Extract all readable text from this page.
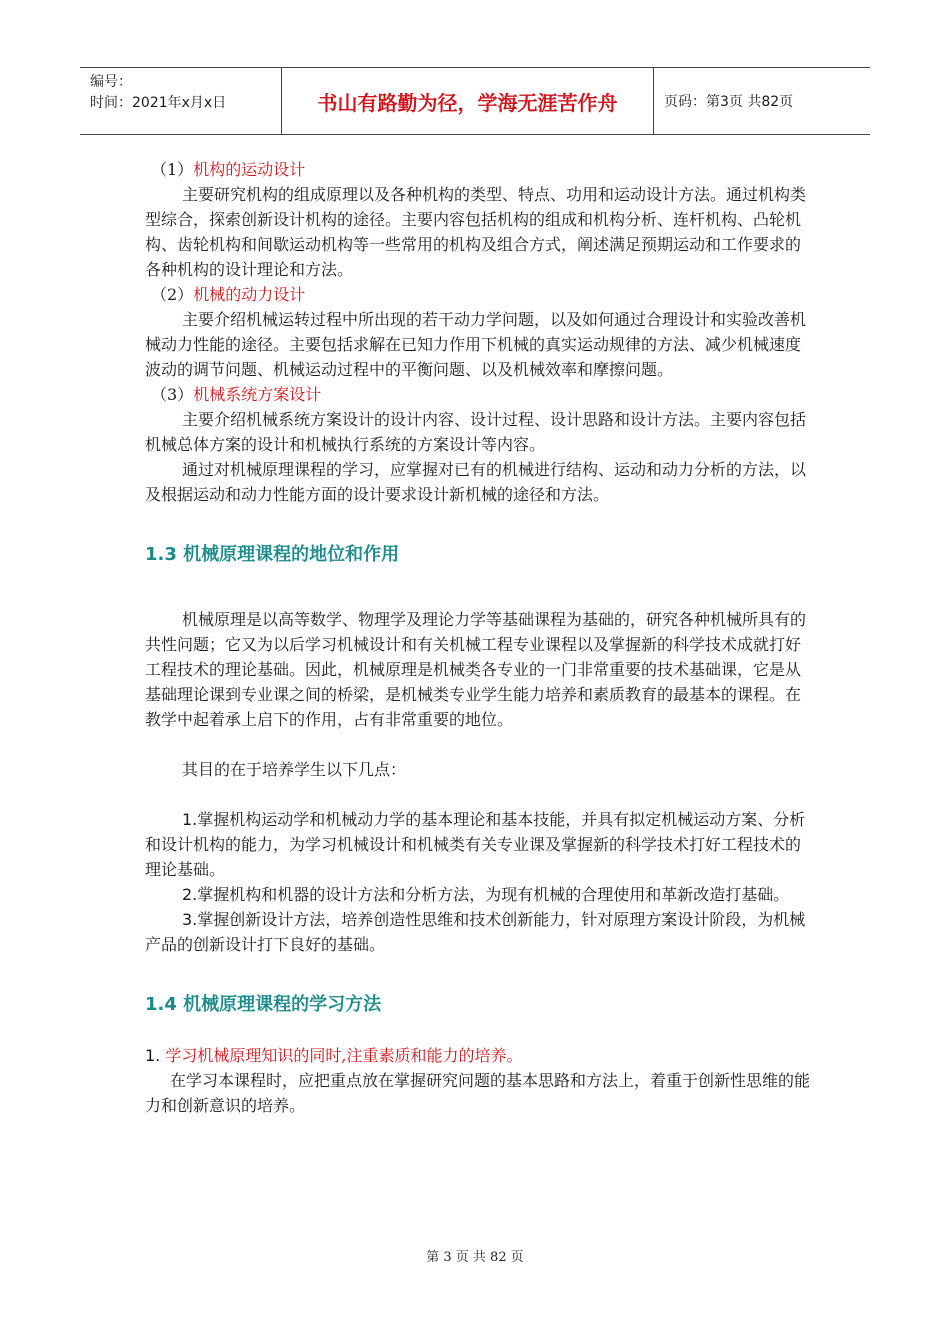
编号：
时间：2021年x月x日	书山有路勤为径，学海无涯苦作舟	页码：第3页 共82页

（1）机构的运动设计

主要研究机构的组成原理以及各种机构的类型、特点、功用和运动设计方法。通过机构类型综合，探索创新设计机构的途径。主要内容包括机构的组成和机构分析、连杆机构、凸轮机构、齿轮机构和间歇运动机构等一些常用的机构及组合方式，阐述满足预期运动和工作要求的各种机构的设计理论和方法。

（2）机械的动力设计

主要介绍机械运转过程中所出现的若干动力学问题，以及如何通过合理设计和实验改善机械动力性能的途径。主要包括求解在已知力作用下机械的真实运动规律的方法、减少机械速度波动的调节问题、机械运动过程中的平衡问题、以及机械效率和摩擦问题。

（3）机械系统方案设计

主要介绍机械系统方案设计的设计内容、设计过程、设计思路和设计方法。主要内容包括机械总体方案的设计和机械执行系统的方案设计等内容。

通过对机械原理课程的学习，应掌握对已有的机械进行结构、运动和动力分析的方法，以及根据运动和动力性能方面的设计要求设计新机械的途径和方法。

1.3 机械原理课程的地位和作用

机械原理是以高等数学、物理学及理论力学等基础课程为基础的，研究各种机械所具有的共性问题；它又为以后学习机械设计和有关机械工程专业课程以及掌握新的科学技术成就打好工程技术的理论基础。因此，机械原理是机械类各专业的一门非常重要的技术基础课，它是从基础理论课到专业课之间的桥梁，是机械类专业学生能力培养和素质教育的最基本的课程。在教学中起着承上启下的作用，占有非常重要的地位。

其目的在于培养学生以下几点：

1.掌握机构运动学和机械动力学的基本理论和基本技能，并具有拟定机械运动方案、分析和设计机构的能力，为学习机械设计和机械类有关专业课及掌握新的科学技术打好工程技术的理论基础。

2.掌握机构和机器的设计方法和分析方法，为现有机械的合理使用和革新改造打基础。

3.掌握创新设计方法，培养创造性思维和技术创新能力，针对原理方案设计阶段，为机械产品的创新设计打下良好的基础。

1.4 机械原理课程的学习方法

1. 学习机械原理知识的同时,注重素质和能力的培养。

在学习本课程时，应把重点放在掌握研究问题的基本思路和方法上，着重于创新性思维的能力和创新意识的培养。

第 3 页 共 82 页
